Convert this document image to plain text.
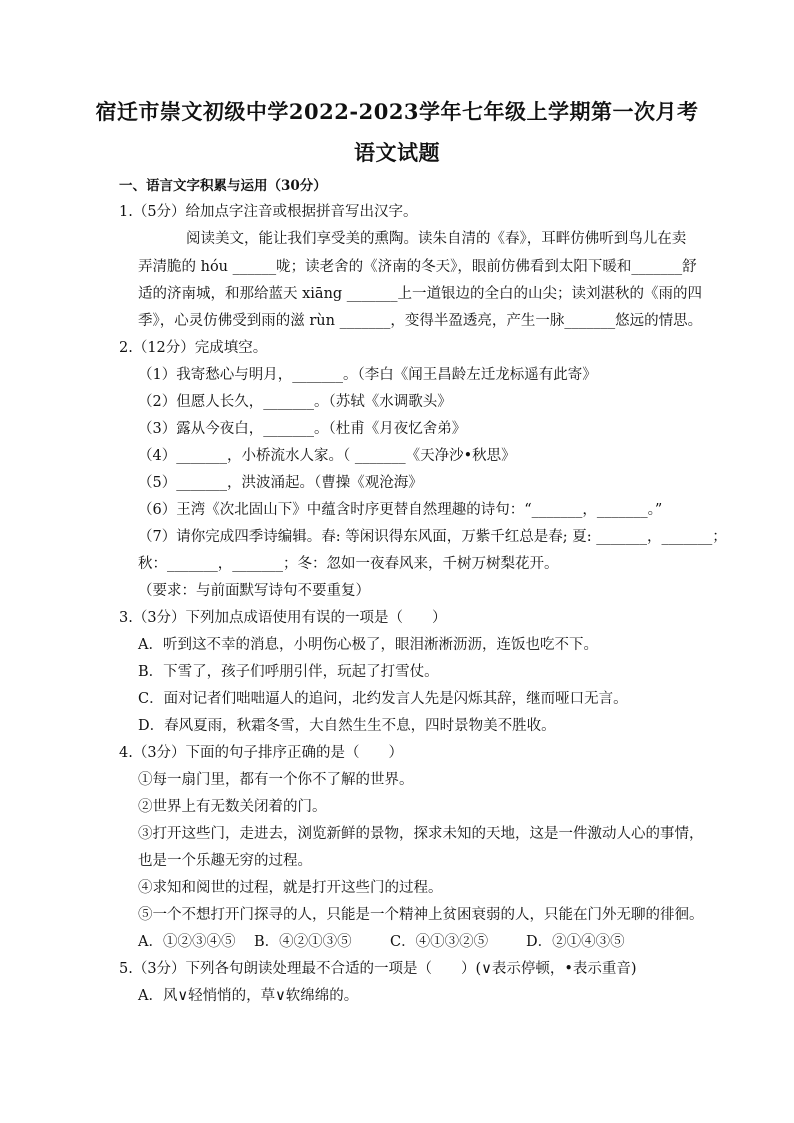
宿迁市崇文初级中学2022-2023学年七年级上学期第一次月考
语文试题
一、语言文字积累与运用（30分）
1.（5分）给加点字注音或根据拼音写出汉字。
阅读美文，能让我们享受美的熏陶。读朱自清的《春》，耳畔仿佛听到鸟儿在卖
弄清脆的 hóu ______咙；读老舍的《济南的冬天》，眼前仿佛看到太阳下暖和_______舒
适的济南城，和那给蓝天 xiāng _______上一道银边的全白的山尖；读刘湛秋的《雨的四
季》，心灵仿佛受到雨的滋 rùn _______，变得半盈透亮，产生一脉_______悠远的情思。
2.（12分）完成填空。
（1）我寄愁心与明月，_______。（李白《闻王昌龄左迁龙标遥有此寄》
（2）但愿人长久，_______。（苏轼《水调歌头》
（3）露从今夜白，_______。（杜甫《月夜忆舍弟》
（4）_______，小桥流水人家。（ _______《天净沙•秋思》
（5）_______，洪波涌起。（曹操《观沧海》
（6）王湾《次北固山下》中蕴含时序更替自然理趣的诗句：“_______，_______。”
（7）请你完成四季诗编辑。春: 等闲识得东风面，万紫千红总是春; 夏: _______，_______；
秋：_______，_______；冬：忽如一夜春风来，千树万树梨花开。
（要求：与前面默写诗句不要重复）
3.（3分）下列加点成语使用有误的一项是（　　）
A．听到这不幸的消息，小明伤心极了，眼泪淅淅沥沥，连饭也吃不下。
B．下雪了，孩子们呼朋引伴，玩起了打雪仗。
C．面对记者们咄咄逼人的追问，北约发言人先是闪烁其辞，继而哑口无言。
D．春风夏雨，秋霜冬雪，大自然生生不息，四时景物美不胜收。
4.（3分）下面的句子排序正确的是（　　）
①每一扇门里，都有一个你不了解的世界。
②世界上有无数关闭着的门。
③打开这些门，走进去，浏览新鲜的景物，探求未知的天地，这是一件激动人心的事情，
也是一个乐趣无穷的过程。
④求知和阅世的过程，就是打开这些门的过程。
⑤一个不想打开门探寻的人，只能是一个精神上贫困衰弱的人，只能在门外无聊的徘徊。
A．①②③④⑤ B．④②①③⑤	C．④①③②⑤	D．②①④③⑤
5.（3分）下列各句朗读处理最不合适的一项是（　　）(∨表示停顿，•表示重音)
A．风∨轻悄悄的，草∨软绵绵的。
